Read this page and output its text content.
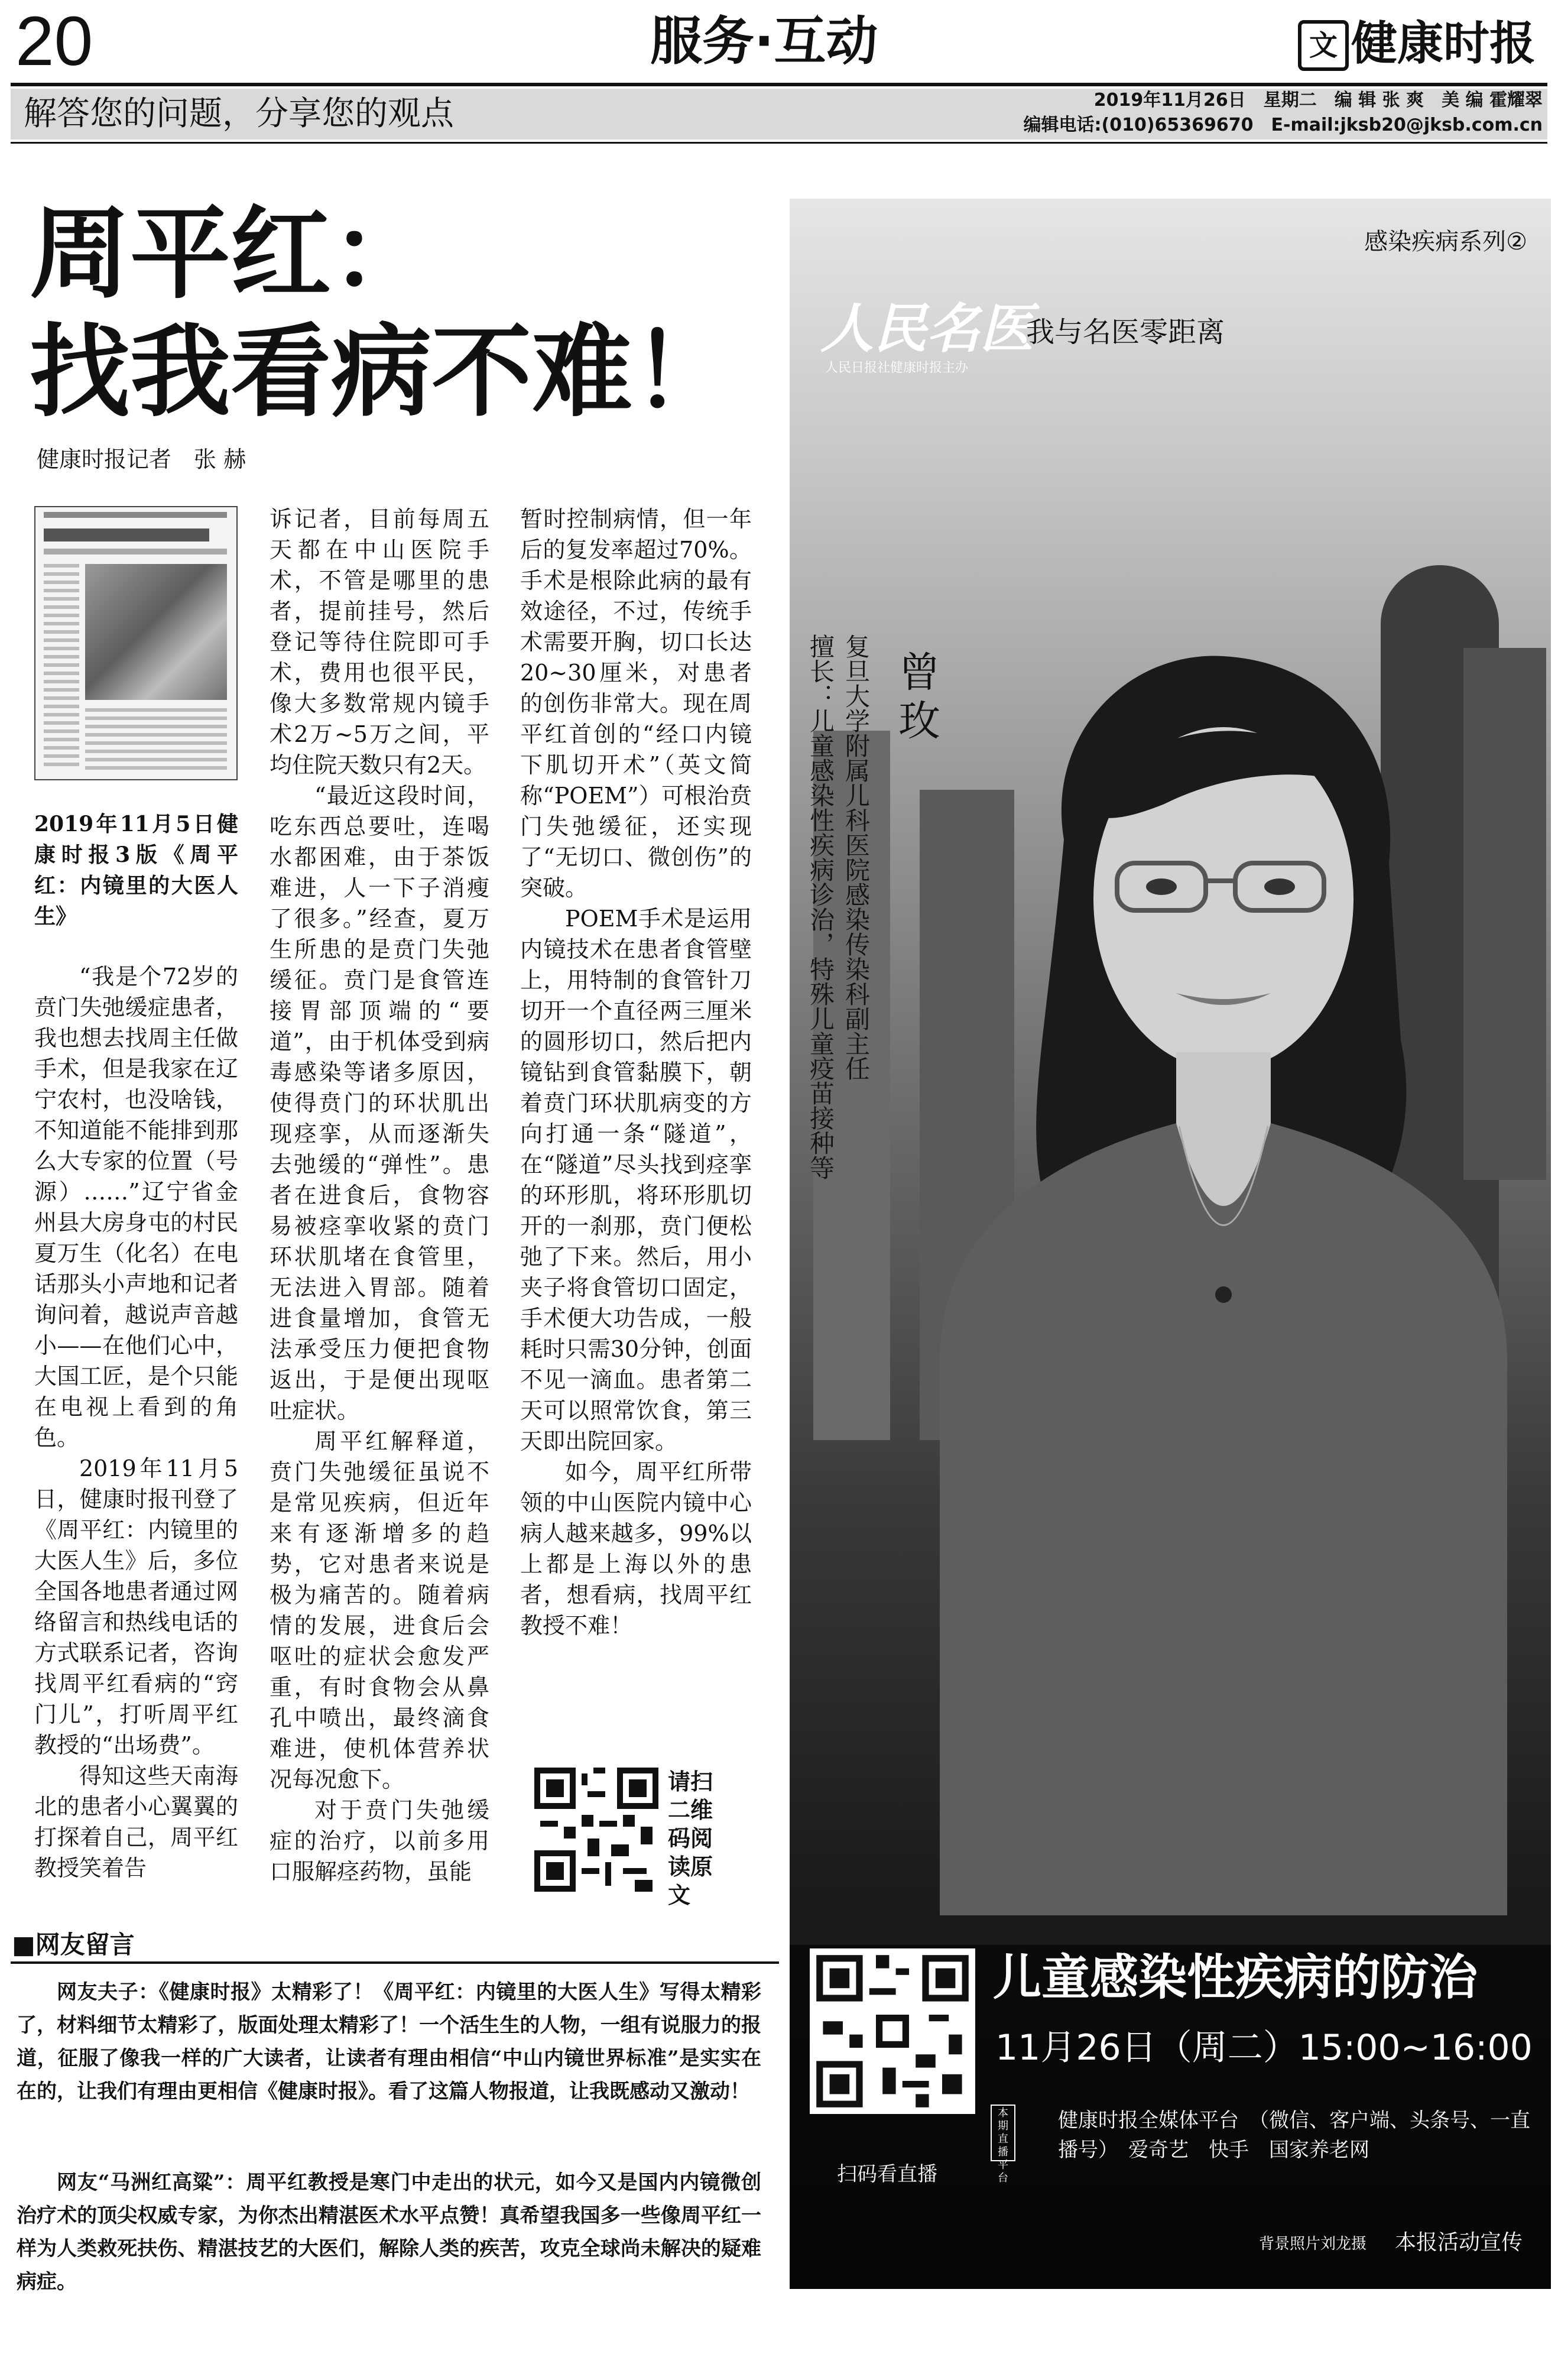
20	服务·互动	文 健康时报
解答您的问题，分享您的观点	2019年11月26日　星期二　编 辑 张 爽　美 编 霍耀翠
编辑电话:(010)65369670　E-mail:jksb20@jksb.com.cn
周平红：
找我看病不难！
健康时报记者　张 赫
2019年11月5日健康时报3版《周平红：内镜里的大医人生》

“我是个72岁的贲门失弛缓症患者，我也想去找周主任做手术，但是我家在辽宁农村，也没啥钱，不知道能不能排到那么大专家的位置（号源）……”辽宁省金州县大房身屯的村民夏万生（化名）在电话那头小声地和记者询问着，越说声音越小——在他们心中，大国工匠，是个只能在电视上看到的角色。

2019年11月5日，健康时报刊登了《周平红：内镜里的大医人生》后，多位全国各地患者通过网络留言和热线电话的方式联系记者，咨询找周平红看病的“窍门儿”，打听周平红教授的“出场费”。

得知这些天南海北的患者小心翼翼的打探着自己，周平红教授笑着告

诉记者，目前每周五天都在中山医院手术，不管是哪里的患者，提前挂号，然后登记等待住院即可手术，费用也很平民，像大多数常规内镜手术2万~5万之间，平均住院天数只有2天。

“最近这段时间，吃东西总要吐，连喝水都困难，由于茶饭难进，人一下子消瘦了很多。”经查，夏万生所患的是贲门失弛缓征。贲门是食管连接胃部顶端的“要道”，由于机体受到病毒感染等诸多原因，使得贲门的环状肌出现痉挛，从而逐渐失去弛缓的“弹性”。患者在进食后，食物容易被痉挛收紧的贲门环状肌堵在食管里，无法进入胃部。随着进食量增加，食管无法承受压力便把食物返出，于是便出现呕吐症状。

周平红解释道，贲门失弛缓征虽说不是常见疾病，但近年来有逐渐增多的趋势，它对患者来说是极为痛苦的。随着病情的发展，进食后会呕吐的症状会愈发严重，有时食物会从鼻孔中喷出，最终滴食难进，使机体营养状况每况愈下。

对于贲门失弛缓症的治疗，以前多用口服解痉药物，虽能

暂时控制病情，但一年后的复发率超过70%。手术是根除此病的最有效途径，不过，传统手术需要开胸，切口长达20~30厘米，对患者的创伤非常大。现在周平红首创的“经口内镜下肌切开术”（英文简称“POEM”）可根治贲门失弛缓征，还实现了“无切口、微创伤”的突破。

POEM手术是运用内镜技术在患者食管壁上，用特制的食管针刀切开一个直径两三厘米的圆形切口，然后把内镜钻到食管黏膜下，朝着贲门环状肌病变的方向打通一条“隧道”，在“隧道”尽头找到痉挛的环形肌，将环形肌切开的一刹那，贲门便松弛了下来。然后，用小夹子将食管切口固定，手术便大功告成，一般耗时只需30分钟，创面不见一滴血。患者第二天可以照常饮食，第三天即出院回家。

如今，周平红所带领的中山医院内镜中心病人越来越多，99%以上都是上海以外的患者，想看病，找周平红教授不难！

请扫二维码阅读原文
■网友留言
网友夫子：《健康时报》太精彩了！《周平红：内镜里的大医人生》写得太精彩了，材料细节太精彩了，版面处理太精彩了！一个活生生的人物，一组有说服力的报道，征服了像我一样的广大读者，让读者有理由相信“中山内镜世界标准”是实实在在的，让我们有理由更相信《健康时报》。看了这篇人物报道，让我既感动又激动！
网友“马洲红高粱”：周平红教授是寒门中走出的状元，如今又是国内内镜微创治疗术的顶尖权威专家，为你杰出精湛医术水平点赞！真希望我国多一些像周平红一样为人类救死扶伤、精湛技艺的大医们，解除人类的疾苦，攻克全球尚未解决的疑难病症。
感染疾病系列②
人民名医
我与名医零距离
人民日报社健康时报主办
曾玫
复旦大学附属儿科医院感染传染科副主任
擅长：儿童感染性疾病诊治，特殊儿童疫苗接种等
扫码看直播
儿童感染性疾病的防治
11月26日（周二）15:00~16:00
本期直播平台
健康时报全媒体平台　（微信、客户端、头条号、一直播号）　爱奇艺　快手　国家养老网
背景照片刘龙摄 本报活动宣传
